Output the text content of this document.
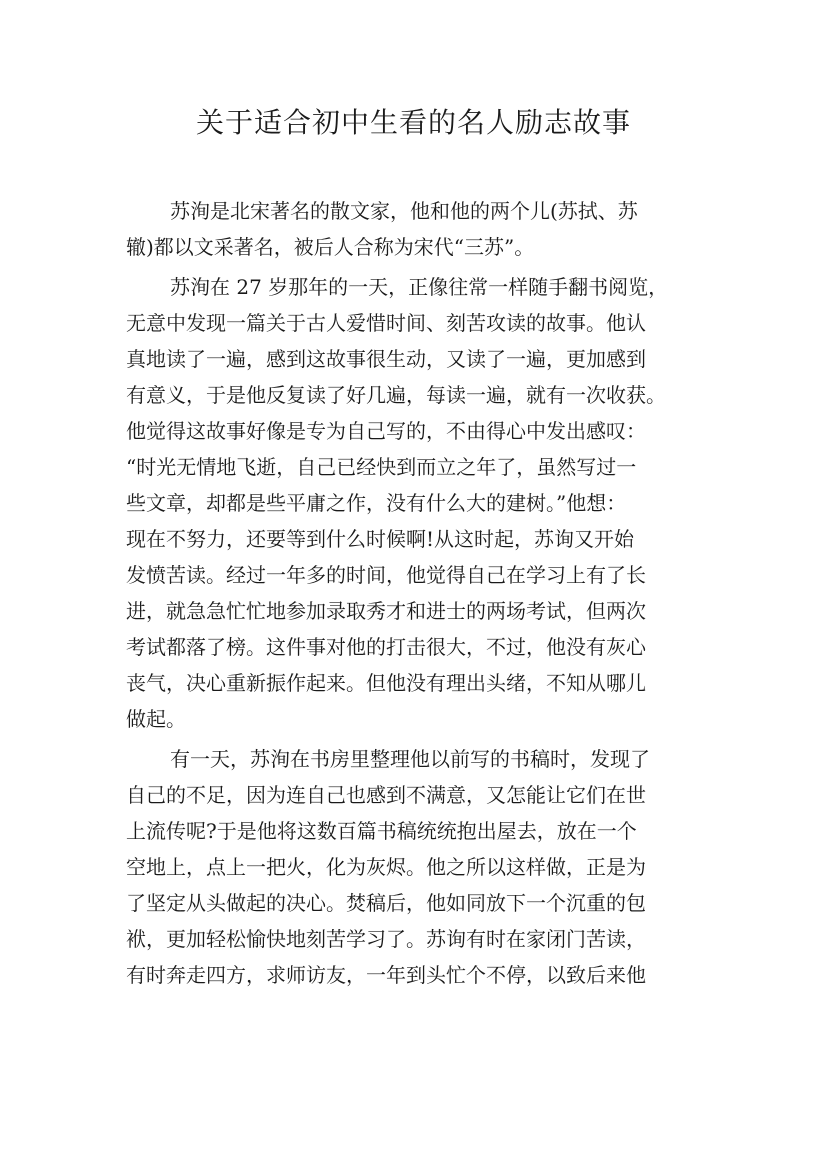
关于适合初中生看的名人励志故事
苏洵是北宋著名的散文家，他和他的两个儿(苏拭、苏
辙)都以文采著名，被后人合称为宋代“三苏”。
苏洵在 27 岁那年的一天，正像往常一样随手翻书阅览，
无意中发现一篇关于古人爱惜时间、刻苦攻读的故事。他认
真地读了一遍，感到这故事很生动，又读了一遍，更加感到
有意义，于是他反复读了好几遍，每读一遍，就有一次收获。
他觉得这故事好像是专为自己写的，不由得心中发出感叹：
“时光无情地飞逝，自己已经快到而立之年了，虽然写过一
些文章，却都是些平庸之作，没有什么大的建树。”他想：
现在不努力，还要等到什么时候啊!从这时起，苏询又开始
发愤苦读。经过一年多的时间，他觉得自己在学习上有了长
进，就急急忙忙地参加录取秀才和进士的两场考试，但两次
考试都落了榜。这件事对他的打击很大，不过，他没有灰心
丧气，决心重新振作起来。但他没有理出头绪，不知从哪儿
做起。
有一天，苏洵在书房里整理他以前写的书稿时，发现了
自己的不足，因为连自己也感到不满意，又怎能让它们在世
上流传呢?于是他将这数百篇书稿统统抱出屋去，放在一个
空地上，点上一把火，化为灰烬。他之所以这样做，正是为
了坚定从头做起的决心。焚稿后，他如同放下一个沉重的包
袱，更加轻松愉快地刻苦学习了。苏询有时在家闭门苦读，
有时奔走四方，求师访友，一年到头忙个不停，以致后来他
